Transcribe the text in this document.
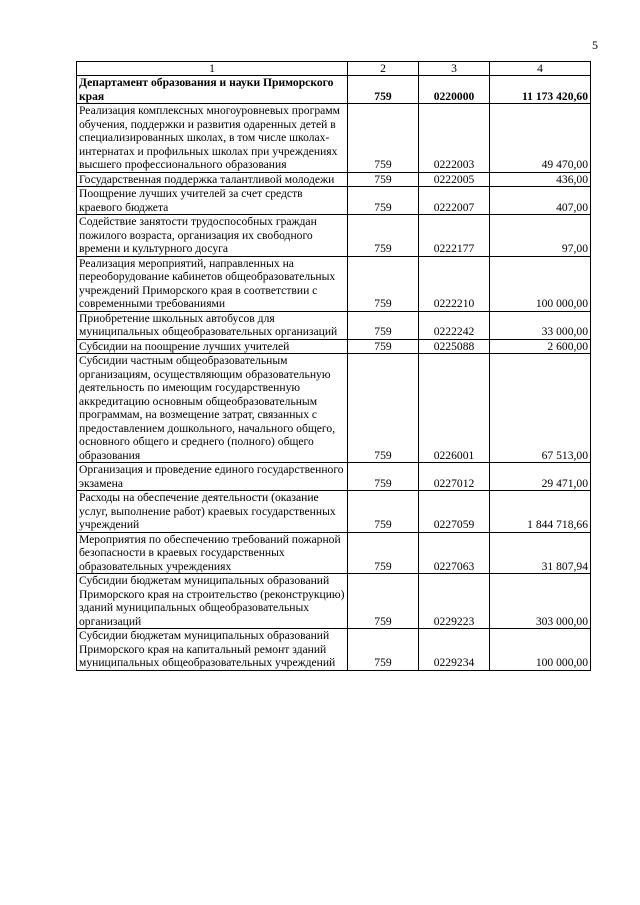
5
1	2	3	4
Департамент образования и науки Приморского края	759	0220000	11 173 420,60
Реализация комплексных многоуровневых программ обучения, поддержки и развития одаренных детей в специализированных школах, в том числе школах-интернатах и профильных школах при учреждениях высшего профессионального образования	759	0222003	49 470,00
Государственная поддержка талантливой молодежи	759	0222005	436,00
Поощрение лучших учителей за счет средств краевого бюджета	759	0222007	407,00
Содействие занятости трудоспособных граждан пожилого возраста, организация их свободного времени и культурного досуга	759	0222177	97,00
Реализация мероприятий, направленных на переоборудование кабинетов общеобразовательных учреждений Приморского края в соответствии с современными требованиями	759	0222210	100 000,00
Приобретение школьных автобусов для муниципальных общеобразовательных организаций	759	0222242	33 000,00
Субсидии на поощрение лучших учителей	759	0225088	2 600,00
Субсидии частным общеобразовательным организациям, осуществляющим образовательную деятельность по имеющим государственную аккредитацию основным общеобразовательным программам, на возмещение затрат, связанных с предоставлением дошкольного, начального общего, основного общего и среднего (полного) общего образования	759	0226001	67 513,00
Организация и проведение единого государственного экзамена	759	0227012	29 471,00
Расходы на обеспечение деятельности (оказание услуг, выполнение работ) краевых государственных учреждений	759	0227059	1 844 718,66
Мероприятия по обеспечению требований пожарной безопасности в краевых государственных образовательных учреждениях	759	0227063	31 807,94
Субсидии бюджетам муниципальных образований Приморского края на строительство (реконструкцию) зданий муниципальных общеобразовательных организаций	759	0229223	303 000,00
Субсидии бюджетам муниципальных образований Приморского края на капитальный ремонт зданий муниципальных общеобразовательных учреждений	759	0229234	100 000,00
